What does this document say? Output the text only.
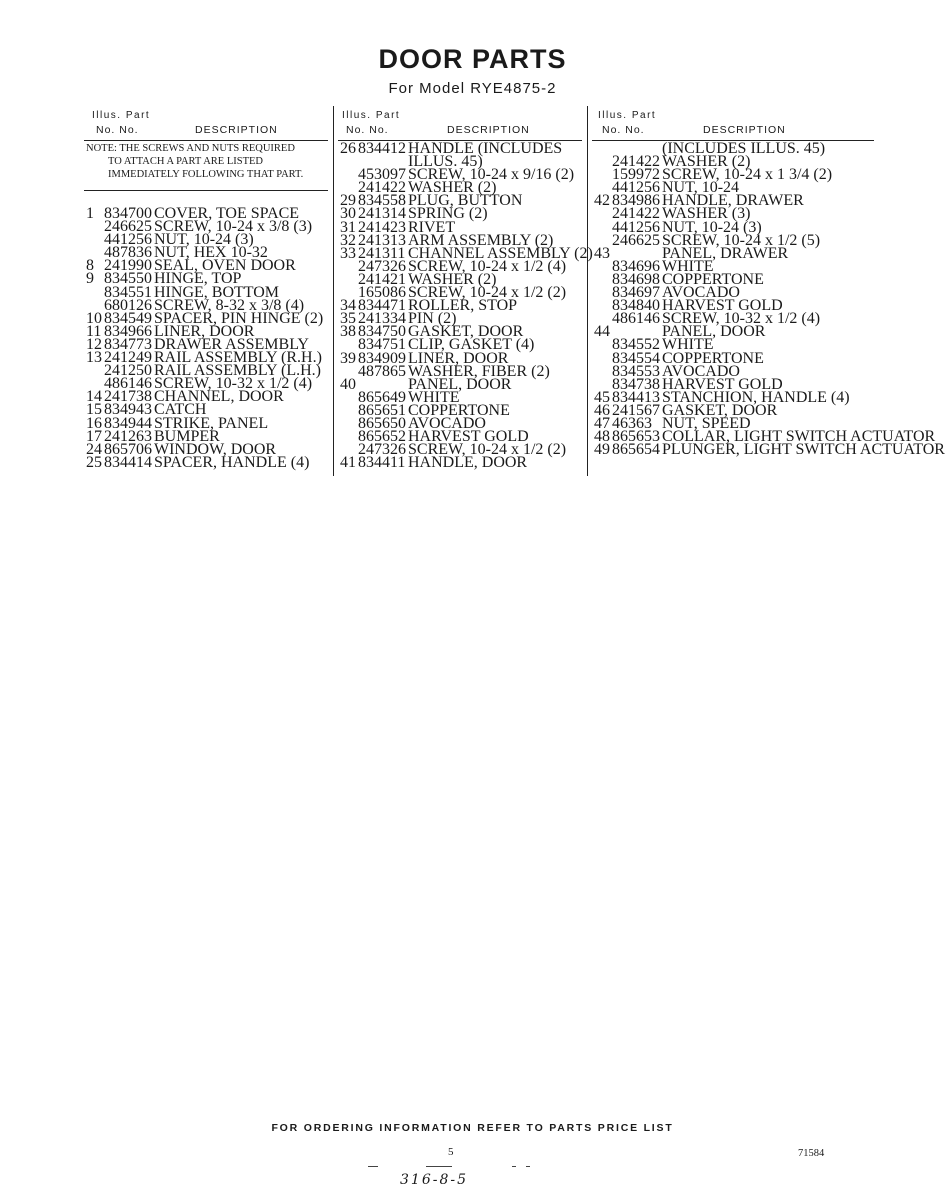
DOOR PARTS
For Model RYE4875-2
Illus. Part
No. No.	DESCRIPTION
NOTE: THE SCREWS AND NUTS REQUIRED
TO ATTACH A PART ARE LISTED
IMMEDIATELY FOLLOWING THAT PART.
1 834700 COVER, TOE SPACE
246625 SCREW, 10-24 x 3/8 (3)
441256 NUT, 10-24 (3)
487836 NUT, HEX 10-32
8 241990 SEAL, OVEN DOOR
9 834550 HINGE, TOP
834551 HINGE, BOTTOM
680126 SCREW, 8-32 x 3/8 (4)
10 834549 SPACER, PIN HINGE (2)
11 834966 LINER, DOOR
12 834773 DRAWER ASSEMBLY
13 241249 RAIL ASSEMBLY (R.H.)
241250 RAIL ASSEMBLY (L.H.)
486146 SCREW, 10-32 x 1/2 (4)
14 241738 CHANNEL, DOOR
15 834943 CATCH
16 834944 STRIKE, PANEL
17 241263 BUMPER
24 865706 WINDOW, DOOR
25 834414 SPACER, HANDLE (4)
Illus. Part
No. No.	DESCRIPTION
26 834412 HANDLE (INCLUDES
ILLUS. 45)
453097 SCREW, 10-24 x 9/16 (2)
241422 WASHER (2)
29 834558 PLUG, BUTTON
30 241314 SPRING (2)
31 241423 RIVET
32 241313 ARM ASSEMBLY (2)
33 241311 CHANNEL ASSEMBLY (2)
247326 SCREW, 10-24 x 1/2 (4)
241421 WASHER (2)
165086 SCREW, 10-24 x 1/2 (2)
34 834471 ROLLER, STOP
35 241334 PIN (2)
38 834750 GASKET, DOOR
834751 CLIP, GASKET (4)
39 834909 LINER, DOOR
487865 WASHER, FIBER (2)
40	PANEL, DOOR
865649 WHITE
865651 COPPERTONE
865650 AVOCADO
865652 HARVEST GOLD
247326 SCREW, 10-24 x 1/2 (2)
41 834411 HANDLE, DOOR
Illus. Part
No. No.	DESCRIPTION
(INCLUDES ILLUS. 45)
241422 WASHER (2)
159972 SCREW, 10-24 x 1 3/4 (2)
441256 NUT, 10-24
42 834986 HANDLE, DRAWER
241422 WASHER (3)
441256 NUT, 10-24 (3)
246625 SCREW, 10-24 x 1/2 (5)
43	PANEL, DRAWER
834696 WHITE
834698 COPPERTONE
834697 AVOCADO
834840 HARVEST GOLD
486146 SCREW, 10-32 x 1/2 (4)
44	PANEL, DOOR
834552 WHITE
834554 COPPERTONE
834553 AVOCADO
834738 HARVEST GOLD
45 834413 STANCHION, HANDLE (4)
46 241567 GASKET, DOOR
47 46363 NUT, SPEED
48 865653 COLLAR, LIGHT SWITCH ACTUATOR
49 865654 PLUNGER, LIGHT SWITCH ACTUATOR
FOR ORDERING INFORMATION REFER TO PARTS PRICE LIST
5	71584
316-8-5
